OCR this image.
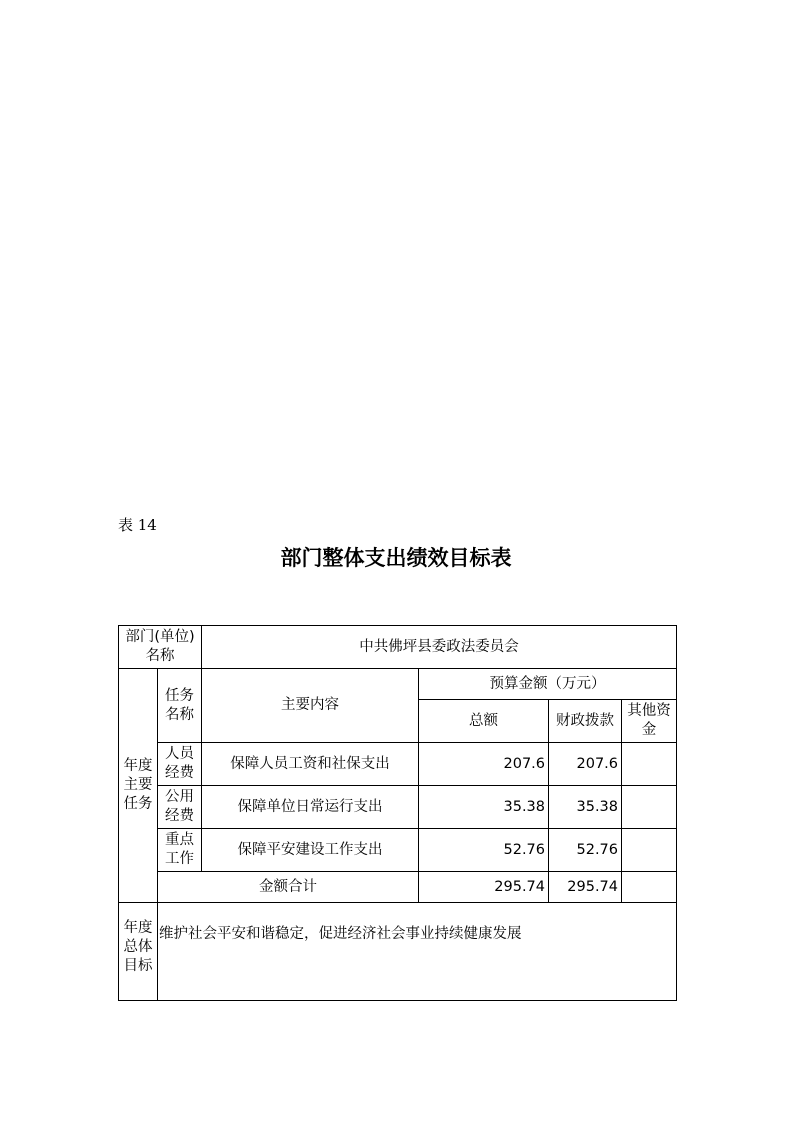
表 14
部门整体支出绩效目标表
部门(单位)名称		中共佛坪县委政法委员会			
年度主要任务	任务名称	主要内容	预算金额（万元）		
			总额	财政拨款	其他资金
	人员经费	保障人员工资和社保支出	207.6	207.6	
	公用经费	保障单位日常运行支出	35.38	35.38	
	重点工作	保障平安建设工作支出	52.76	52.76	
	金额合计		295.74	295.74	
年度总体目标	维护社会平安和谐稳定，促进经济社会事业持续健康发展				
